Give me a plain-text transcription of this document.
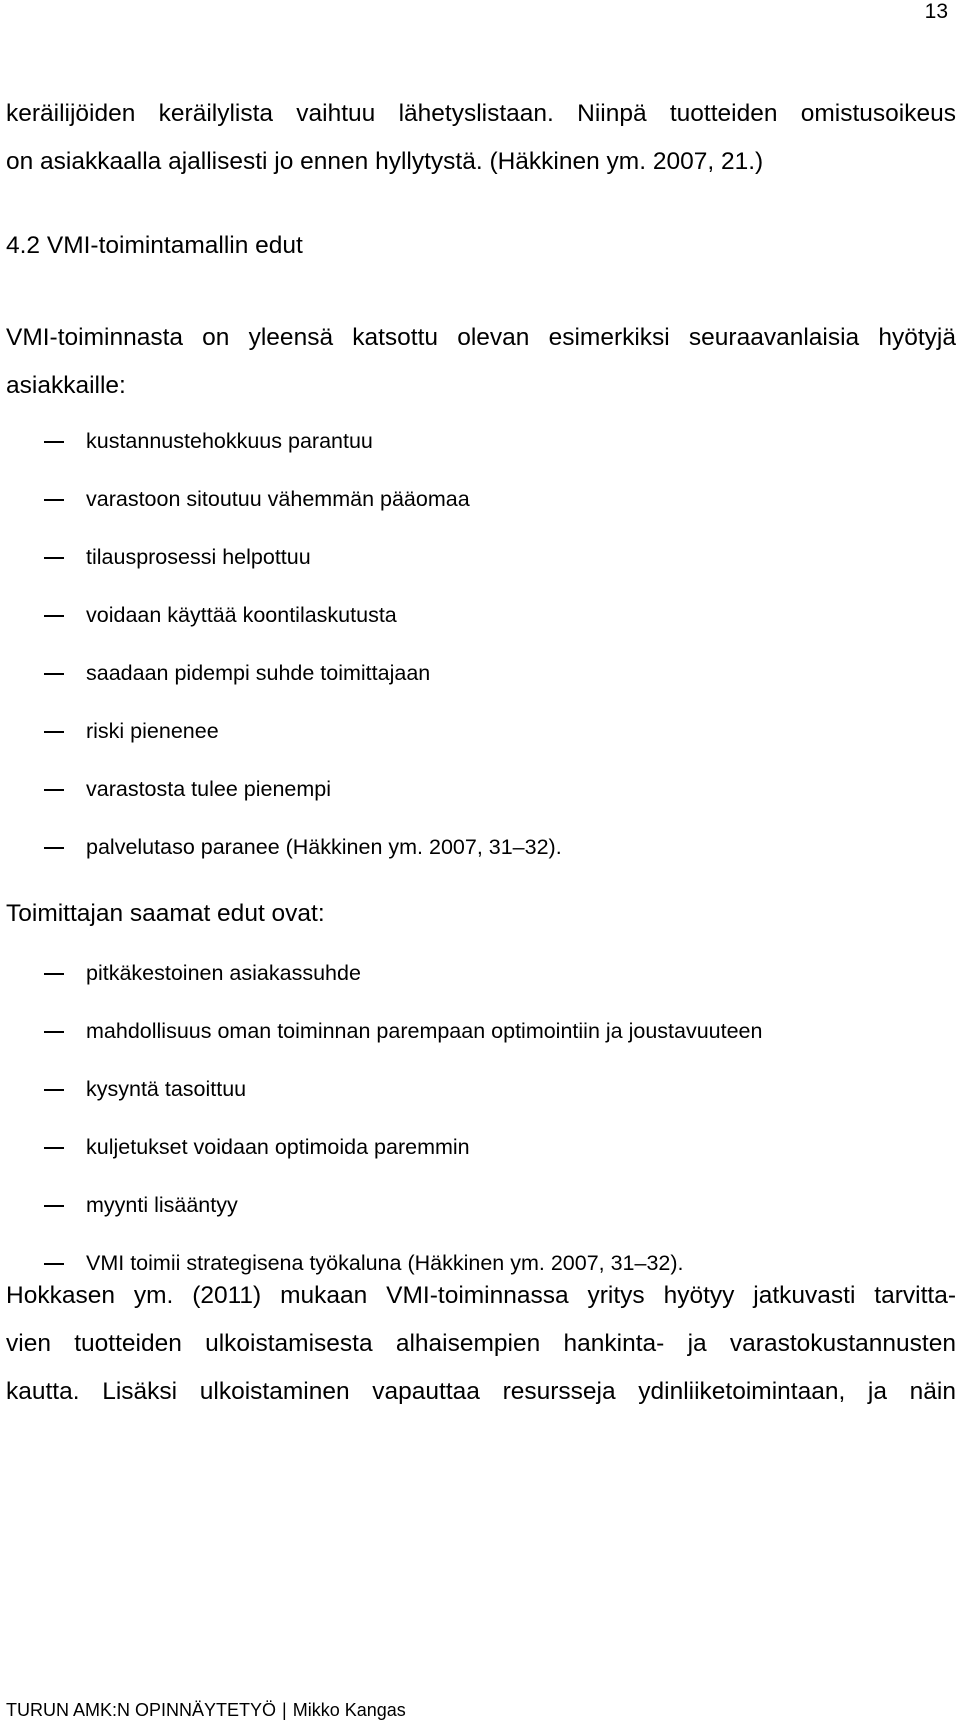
13
keräilijöiden keräilylista vaihtuu lähetyslistaan. Niinpä tuotteiden omistusoikeus
on asiakkaalla ajallisesti jo ennen hyllytystä. (Häkkinen ym. 2007, 21.)
4.2 VMI-toimintamallin edut
VMI-toiminnasta on yleensä katsottu olevan esimerkiksi seuraavanlaisia hyötyjä
asiakkaille:
kustannustehokkuus parantuu
varastoon sitoutuu vähemmän pääomaa
tilausprosessi helpottuu
voidaan käyttää koontilaskutusta
saadaan pidempi suhde toimittajaan
riski pienenee
varastosta tulee pienempi
palvelutaso paranee (Häkkinen ym. 2007, 31–32).
Toimittajan saamat edut ovat:
pitkäkestoinen asiakassuhde
mahdollisuus oman toiminnan parempaan optimointiin ja joustavuuteen
kysyntä tasoittuu
kuljetukset voidaan optimoida paremmin
myynti lisääntyy
VMI toimii strategisena työkaluna (Häkkinen ym. 2007, 31–32).
Hokkasen ym. (2011) mukaan VMI-toiminnassa yritys hyötyy jatkuvasti tarvitta-
vien tuotteiden ulkoistamisesta alhaisempien hankinta- ja varastokustannusten
kautta. Lisäksi ulkoistaminen vapauttaa resursseja ydinliiketoimintaan, ja näin
TURUN AMK:N OPINNÄYTETYÖ | Mikko Kangas
